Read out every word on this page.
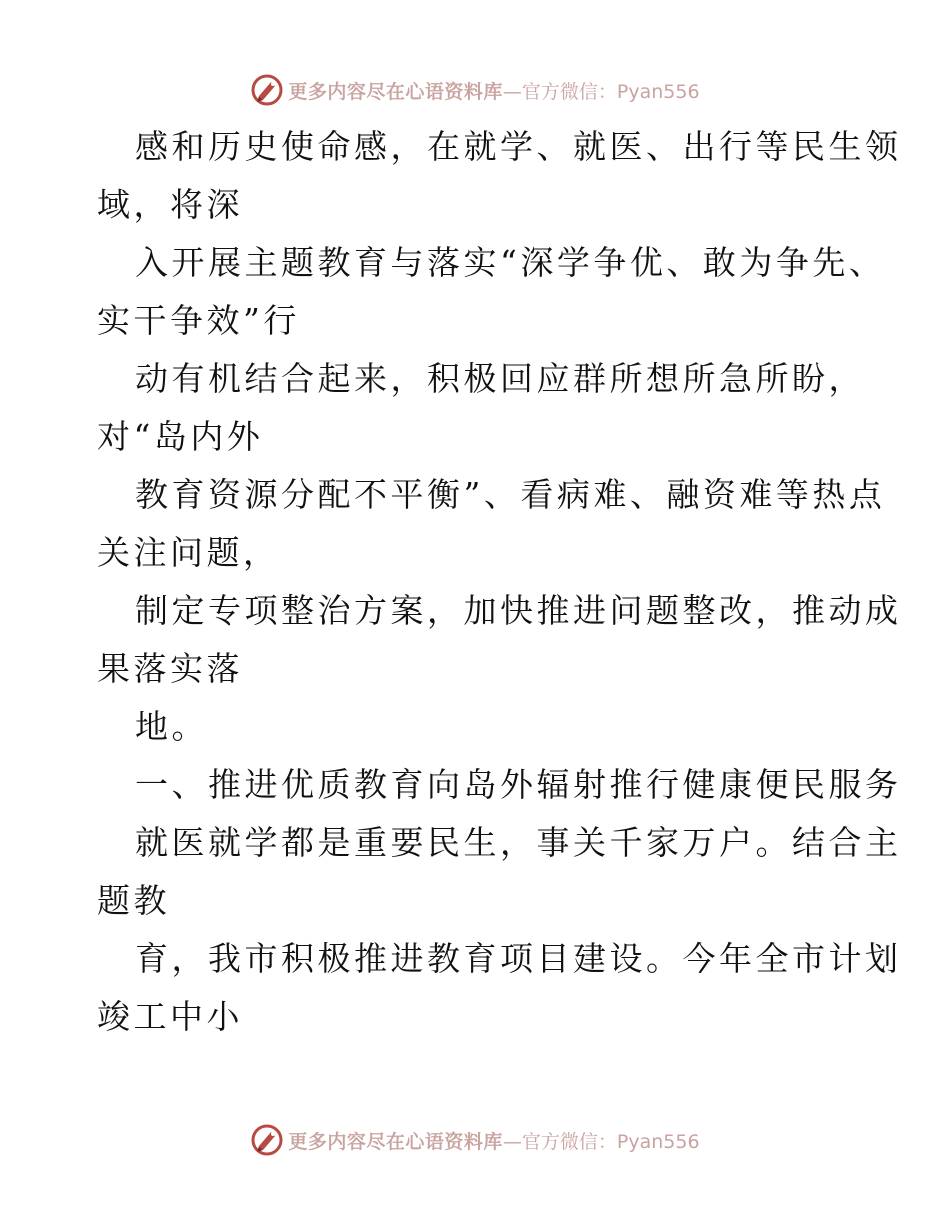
更多内容尽在心语资料库 —官方微信：Pyan556
感和历史使命感，在就学、就医、出行等民生领
域，将深
入开展主题教育与落实“深学争优、敢为争先、
实干争效”行
动有机结合起来，积极回应群所想所急所盼，
对“岛内外
教育资源分配不平衡”、看病难、融资难等热点
关注问题，
制定专项整治方案，加快推进问题整改，推动成
果落实落
地。
一、推进优质教育向岛外辐射推行健康便民服务
就医就学都是重要民生，事关千家万户。结合主
题教
育，我市积极推进教育项目建设。今年全市计划
竣工中小
更多内容尽在心语资料库 —官方微信：Pyan556
